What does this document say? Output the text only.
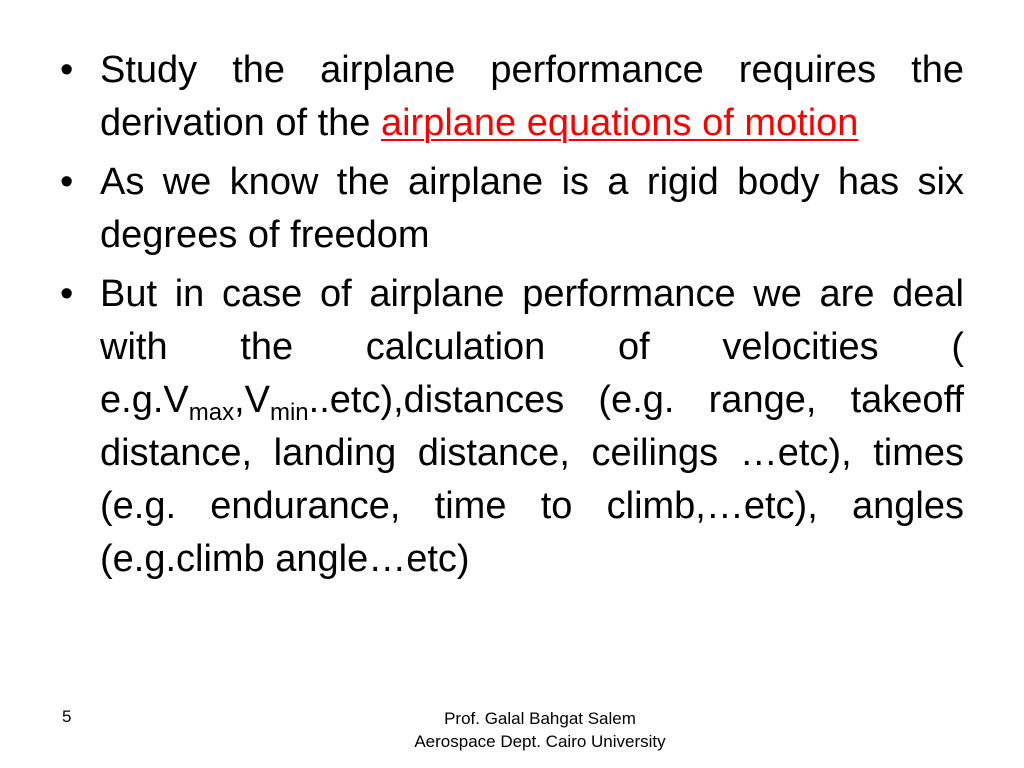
• Study the airplane performance requires the derivation of the airplane equations of motion
• As we know the airplane is a rigid body has six degrees of freedom
• But in case of airplane performance we are deal with the calculation of velocities ( $e.g.V_{max},V_{min}..etc),distances$ (e.g. range, takeoff distance, landing distance, ceilings …etc), times (e.g. endurance, time to climb,…etc), angles (e.g.climb angle…etc)
5	Prof. Galal Bahgat Salem
Aerospace Dept. Cairo University
